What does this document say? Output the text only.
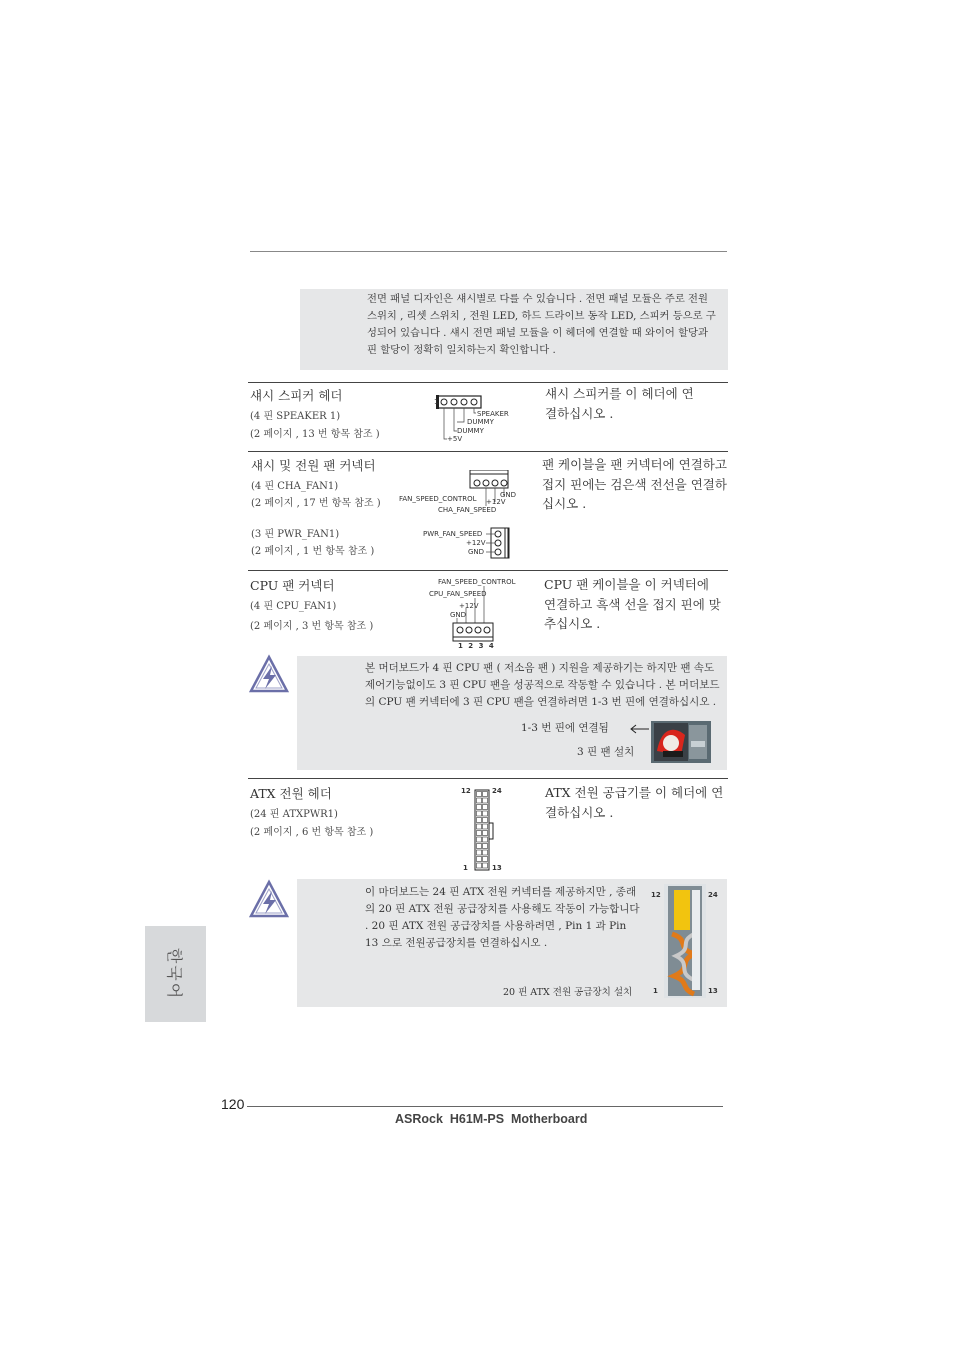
전면 패널 디자인은 섀시별로 다를 수 있습니다 . 전면 패널 모듈은 주로 전원 스위치 , 리셋 스위치 , 전원 LED, 하드 드라이브 동작 LED, 스피커 등으로 구성되어 있습니다 . 섀시 전면 패널 모듈을 이 헤더에 연결할 때 와이어 할당과 핀 할당이 정확히 일치하는지 확인합니다 .
섀시 스피커 헤더
(4 핀 SPEAKER 1)
(2 페이지 , 13 번 항목 참조 )
섀시 스피커를 이 헤더에 연결하십시오 .
1
SPEAKER
DUMMY
DUMMY
+5V
섀시 및 전원 팬 커넥터
(4 핀 CHA_FAN1)
(2 페이지 , 17 번 항목 참조 )
(3 핀 PWR_FAN1)
(2 페이지 , 1 번 항목 참조 )
팬 케이블을 팬 커넥터에 연결하고 접지 핀에는 검은색 전선을 연결하십시오 .
FAN_SPEED_CONTROL	GND
+12V
CHA_FAN_SPEED
PWR_FAN_SPEED
+12V
GND
CPU 팬 커넥터
(4 핀 CPU_FAN1)
(2 페이지 , 3 번 항목 참조 )
CPU 팬 케이블을 이 커넥터에 연결하고 흑색 선을 접지 핀에 맞추십시오 .
FAN_SPEED_CONTROL
CPU_FAN_SPEED
+12V
GND
1 2 3 4
본 머더보드가 4 핀 CPU 팬 ( 저소음 팬 ) 지원을 제공하기는 하지만 팬 속도 제어기능없이도 3 핀 CPU 팬을 성공적으로 작동할 수 있습니다 . 본 머더보드의 CPU 팬 커넥터에 3 핀 CPU 팬을 연결하려면 1-3 번 핀에 연결하십시오 .
1-3 번 핀에 연결됨
3 핀 팬 설치
ATX 전원 헤더
(24 핀 ATXPWR1)
(2 페이지 , 6 번 항목 참조 )
ATX 전원 공급기를 이 헤더에 연결하십시오 .
12	24
1	13
이 마더보드는 24 핀 ATX 전원 커넥터를 제공하지만 , 종래의 20 핀 ATX 전원 공급장치를 사용해도 작동이 가능합니다 . 20 핀 ATX 전원 공급장치를 사용하려면 , Pin 1 과 Pin 13 으로 전원공급장치를 연결하십시오 .
20 핀 ATX 전원 공급장치 설치
12	24
1	13
한국어
120
ASRock  H61M-PS  Motherboard
